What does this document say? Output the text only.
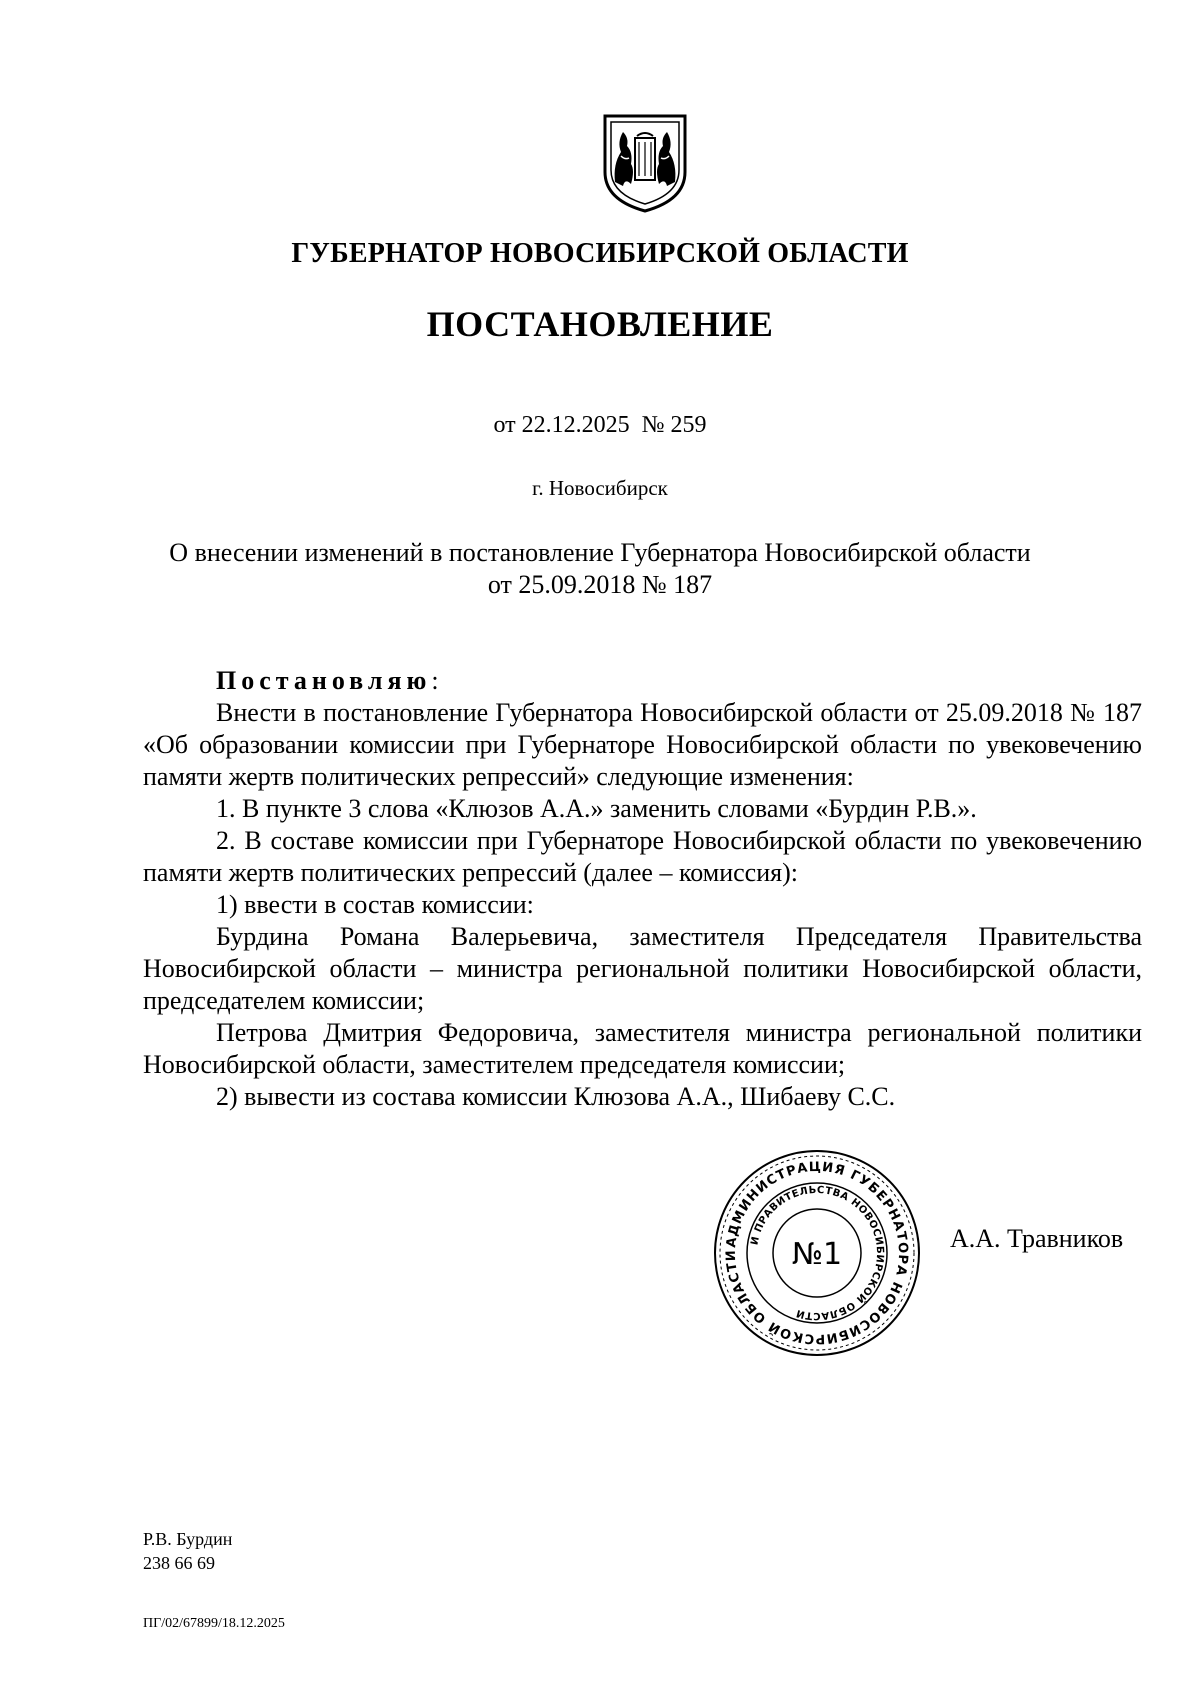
ГУБЕРНАТОР НОВОСИБИРСКОЙ ОБЛАСТИ
ПОСТАНОВЛЕНИЕ
от 22.12.2025  № 259
г. Новосибирск
О внесении изменений в постановление Губернатора Новосибирской области
от 25.09.2018 № 187

Постановляю:

Внести в постановление Губернатора Новосибирской области от 25.09.2018 № 187 «Об образовании комиссии при Губернаторе Новосибирской области по увековечению памяти жертв политических репрессий» следующие изменения:

1. В пункте 3 слова «Клюзов А.А.» заменить словами «Бурдин Р.В.».

2. В составе комиссии при Губернаторе Новосибирской области по увековечению памяти жертв политических репрессий (далее – комиссия):

1) ввести в состав комиссии:

Бурдина Романа Валерьевича, заместителя Председателя Правительства Новосибирской области – министра региональной политики Новосибирской области, председателем комиссии;

Петрова Дмитрия Федоровича, заместителя министра региональной политики Новосибирской области, заместителем председателя комиссии;

2) вывести из состава комиссии Клюзова А.А., Шибаеву С.С.

АДМИНИСТРАЦИЯ ГУБЕРНАТОРА НОВОСИБИРСКОЙ ОБЛАСТИ
И ПРАВИТЕЛЬСТВА НОВОСИБИРСКОЙ ОБЛАСТИ
№1	А.А. Травников
Р.В. Бурдин
238 66 69
ПГ/02/67899/18.12.2025
